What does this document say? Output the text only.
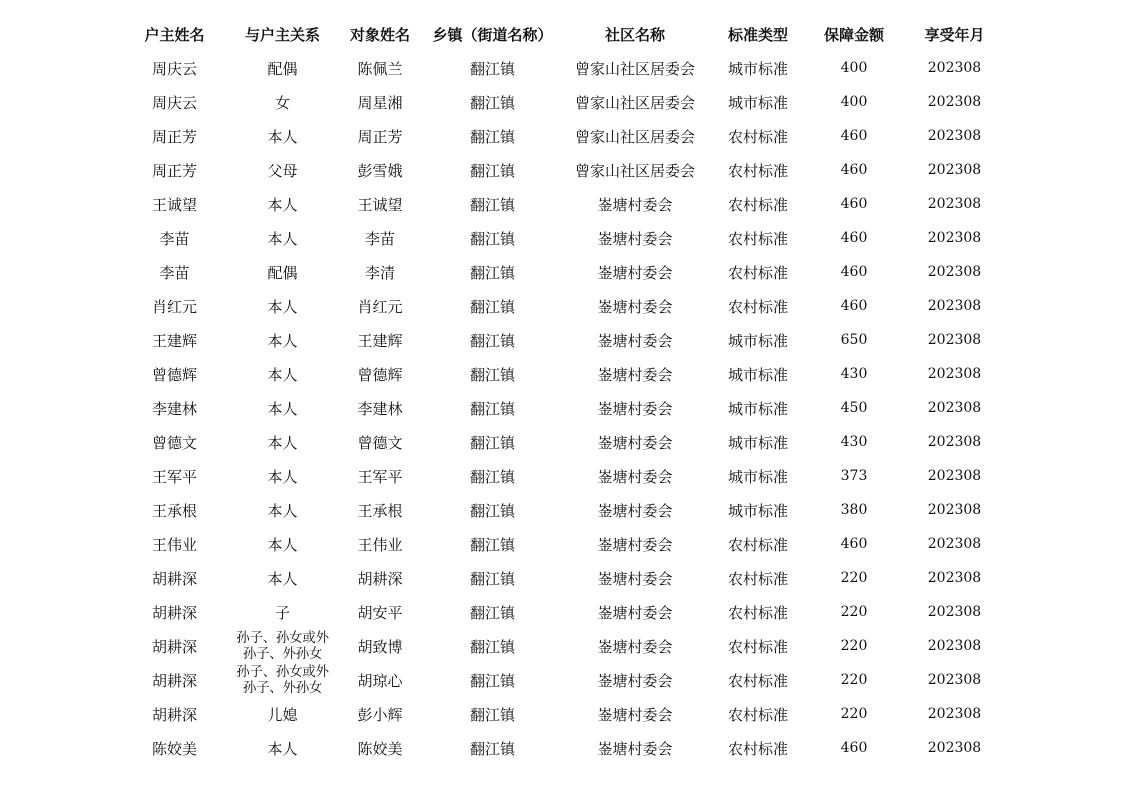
户主姓名	与户主关系	对象姓名	乡镇（街道名称）	社区名称	标准类型	保障金额	享受年月
周庆云	配偶	陈佩兰	翻江镇	曾家山社区居委会	城市标准	400	202308
周庆云	女	周星湘	翻江镇	曾家山社区居委会	城市标准	400	202308
周正芳	本人	周正芳	翻江镇	曾家山社区居委会	农村标准	460	202308
周正芳	父母	彭雪娥	翻江镇	曾家山社区居委会	农村标准	460	202308
王诚望	本人	王诚望	翻江镇	崟塘村委会	农村标准	460	202308
李苗	本人	李苗	翻江镇	崟塘村委会	农村标准	460	202308
李苗	配偶	李清	翻江镇	崟塘村委会	农村标准	460	202308
肖红元	本人	肖红元	翻江镇	崟塘村委会	农村标准	460	202308
王建辉	本人	王建辉	翻江镇	崟塘村委会	城市标准	650	202308
曾德辉	本人	曾德辉	翻江镇	崟塘村委会	城市标准	430	202308
李建林	本人	李建林	翻江镇	崟塘村委会	城市标准	450	202308
曾德文	本人	曾德文	翻江镇	崟塘村委会	城市标准	430	202308
王军平	本人	王军平	翻江镇	崟塘村委会	城市标准	373	202308
王承根	本人	王承根	翻江镇	崟塘村委会	城市标准	380	202308
王伟业	本人	王伟业	翻江镇	崟塘村委会	农村标准	460	202308
胡耕深	本人	胡耕深	翻江镇	崟塘村委会	农村标准	220	202308
胡耕深	子	胡安平	翻江镇	崟塘村委会	农村标准	220	202308
胡耕深	孙子、孙女或外孙子、外孙女	胡致博	翻江镇	崟塘村委会	农村标准	220	202308
胡耕深	孙子、孙女或外孙子、外孙女	胡琼心	翻江镇	崟塘村委会	农村标准	220	202308
胡耕深	儿媳	彭小辉	翻江镇	崟塘村委会	农村标准	220	202308
陈姣美	本人	陈姣美	翻江镇	崟塘村委会	农村标准	460	202308
